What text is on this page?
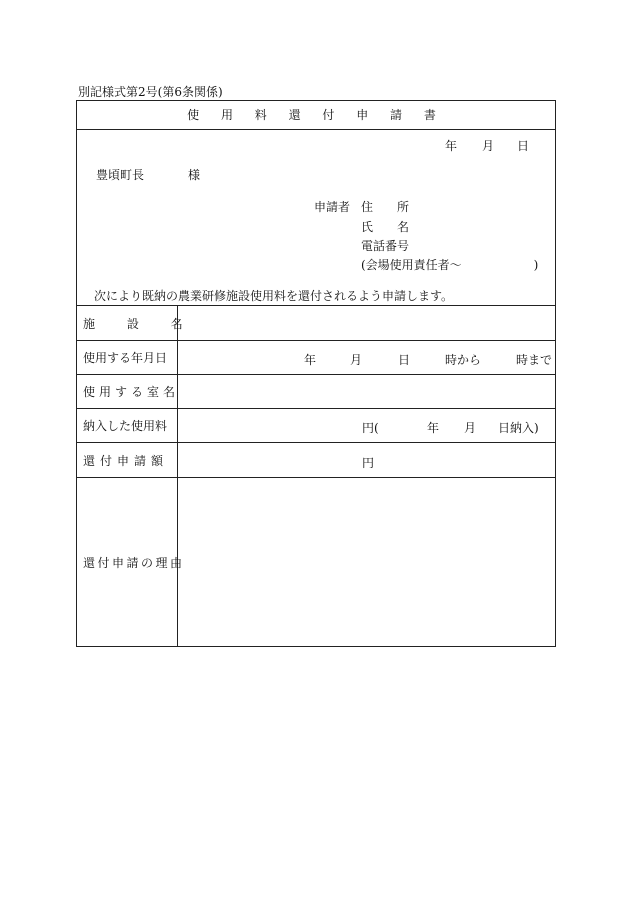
別記様式第2号(第6条関係)
使 用 料 還 付 申 請 書
年 月 日
豊頃町長	様
申請者 住　　所
氏　　名
電話番号
(会場使用責任者～　　　　　　)
次により既納の農業研修施設使用料を還付されるよう申請します。
施 設 名
使用する年月日	年	月	日	時から	時まで
使用する室名
納入した使用料	円(	年 月 日納入)
還付申請額	円
還付申請の理由
